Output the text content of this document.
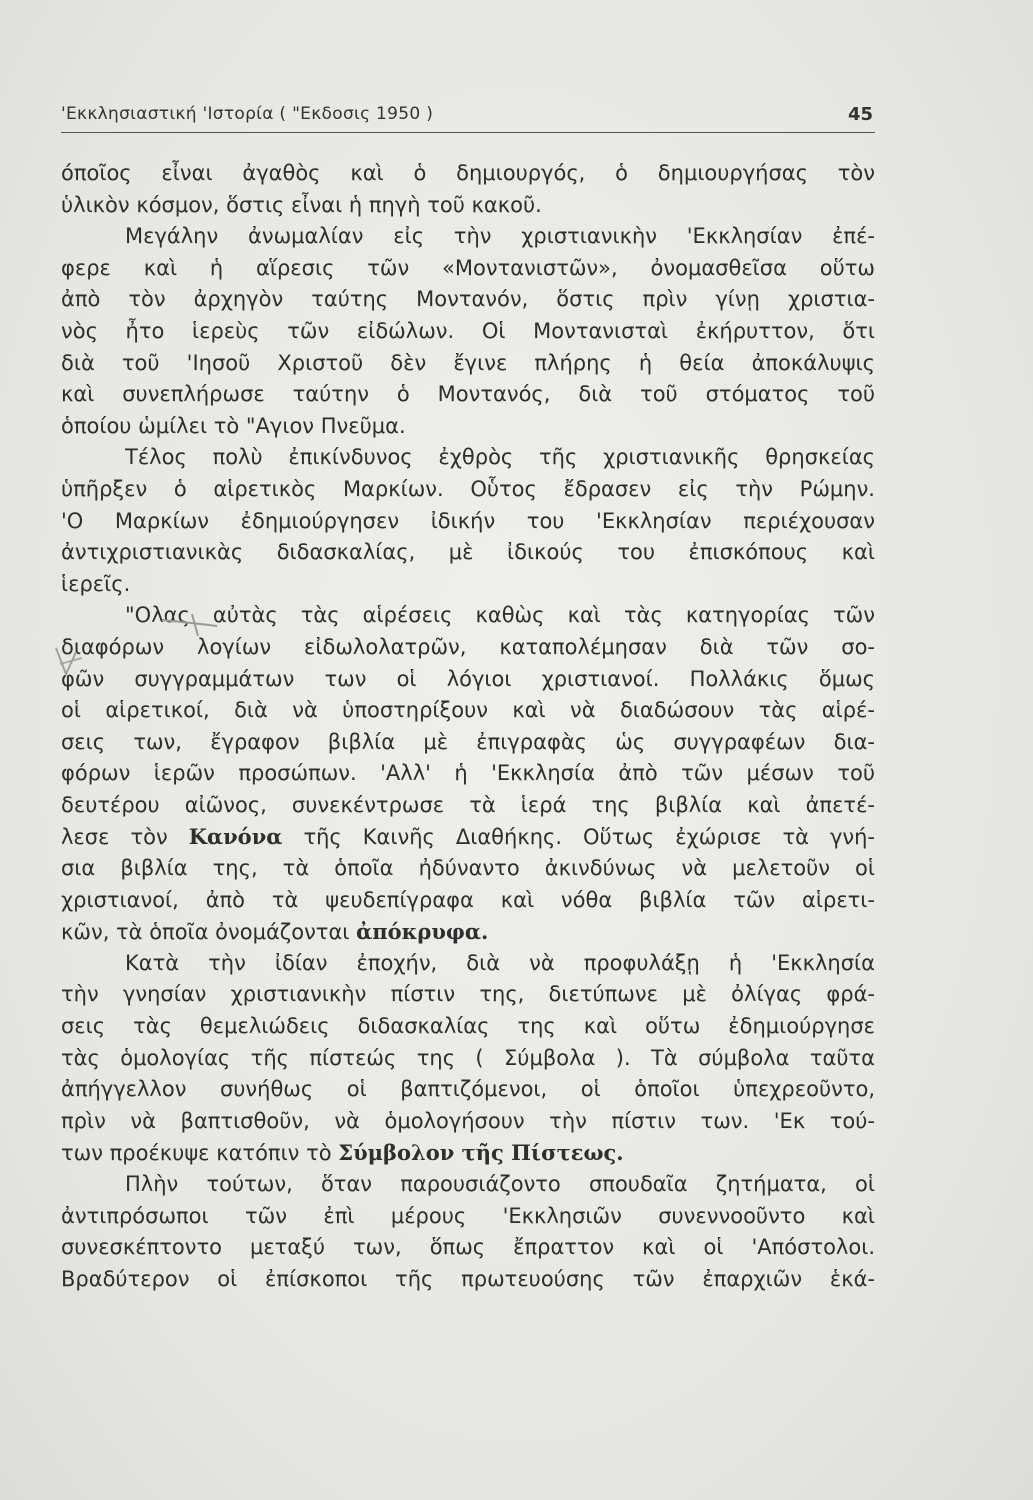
'Εκκλησιαστική 'Ιστορία ( "Εκδοσις 1950 )	45
όποῖος εἶναι ἀγαθὸς καὶ ὁ δημιουργός, ὁ δημιουργήσας τὸν
ὑλικὸν κόσμον, ὅστις εἶναι ἡ πηγὴ τοῦ κακοῦ.
Μεγάλην ἀνωμαλίαν εἰς τὴν χριστιανικὴν 'Εκκλησίαν ἐπέ-
φερε καὶ ἡ αἵρεσις τῶν «Μοντανιστῶν», ὀνομασθεῖσα οὕτω
ἀπὸ τὸν ἀρχηγὸν ταύτης Μοντανόν, ὅστις πρὶν γίνῃ χριστια-
νὸς ἦτο ἱερεὺς τῶν εἰδώλων. Οἱ Μοντανισταὶ ἐκήρυττον, ὅτι
διὰ τοῦ 'Ιησοῦ Χριστοῦ δὲν ἔγινε πλήρης ἡ θεία ἀποκάλυψις
καὶ συνεπλήρωσε ταύτην ὁ Μοντανός, διὰ τοῦ στόματος τοῦ
ὁποίου ὡμίλει τὸ "Αγιον Πνεῦμα.
Τέλος πολὺ ἐπικίνδυνος ἐχθρὸς τῆς χριστιανικῆς θρησκείας
ὑπῆρξεν ὁ αἱρετικὸς Μαρκίων. Οὗτος ἔδρασεν εἰς τὴν Ρώμην.
'Ο Μαρκίων ἐδημιούργησεν ἰδικήν του 'Εκκλησίαν περιέχουσαν
ἀντιχριστιανικὰς διδασκαλίας, μὲ ἰδικούς του ἐπισκόπους καὶ
ἱερεῖς.
"Ολας αὐτὰς τὰς αἱρέσεις καθὼς καὶ τὰς κατηγορίας τῶν
διαφόρων λογίων εἰδωλολατρῶν, καταπολέμησαν διὰ τῶν σο-
φῶν συγγραμμάτων των οἱ λόγιοι χριστιανοί. Πολλάκις ὅμως
οἱ αἱρετικοί, διὰ νὰ ὑποστηρίξουν καὶ νὰ διαδώσουν τὰς αἱρέ-
σεις των, ἔγραφον βιβλία μὲ ἐπιγραφὰς ὡς συγγραφέων δια-
φόρων ἱερῶν προσώπων. 'Αλλ' ἡ 'Εκκλησία ἀπὸ τῶν μέσων τοῦ
δευτέρου αἰῶνος, συνεκέντρωσε τὰ ἱερά της βιβλία καὶ ἀπετέ-
λεσε τὸν Κανόνα τῆς Καινῆς Διαθήκης. Οὕτως ἐχώρισε τὰ γνή-
σια βιβλία της, τὰ ὁποῖα ἠδύναντο ἀκινδύνως νὰ μελετοῦν οἱ
χριστιανοί, ἀπὸ τὰ ψευδεπίγραφα καὶ νόθα βιβλία τῶν αἱρετι-
κῶν, τὰ ὁποῖα ὀνομάζονται ἀπόκρυφα.
Κατὰ τὴν ἰδίαν ἐποχήν, διὰ νὰ προφυλάξῃ ἡ 'Εκκλησία
τὴν γνησίαν χριστιανικὴν πίστιν της, διετύπωνε μὲ ὀλίγας φρά-
σεις τὰς θεμελιώδεις διδασκαλίας της καὶ οὕτω ἐδημιούργησε
τὰς ὁμολογίας τῆς πίστεώς της ( Σύμβολα ). Τὰ σύμβολα ταῦτα
ἀπήγγελλον συνήθως οἱ βαπτιζόμενοι, οἱ ὁποῖοι ὑπεχρεοῦντο,
πρὶν νὰ βαπτισθοῦν, νὰ ὁμολογήσουν τὴν πίστιν των. 'Εκ τού-
των προέκυψε κατόπιν τὸ Σύμβολον τῆς Πίστεως.
Πλὴν τούτων, ὅταν παρουσιάζοντο σπουδαῖα ζητήματα, οἱ
ἀντιπρόσωποι τῶν ἐπὶ μέρους 'Εκκλησιῶν συνεννοοῦντο καὶ
συνεσκέπτοντο μεταξύ των, ὅπως ἔπραττον καὶ οἱ 'Απόστολοι.
Βραδύτερον οἱ ἐπίσκοποι τῆς πρωτευούσης τῶν ἐπαρχιῶν ἑκά-
